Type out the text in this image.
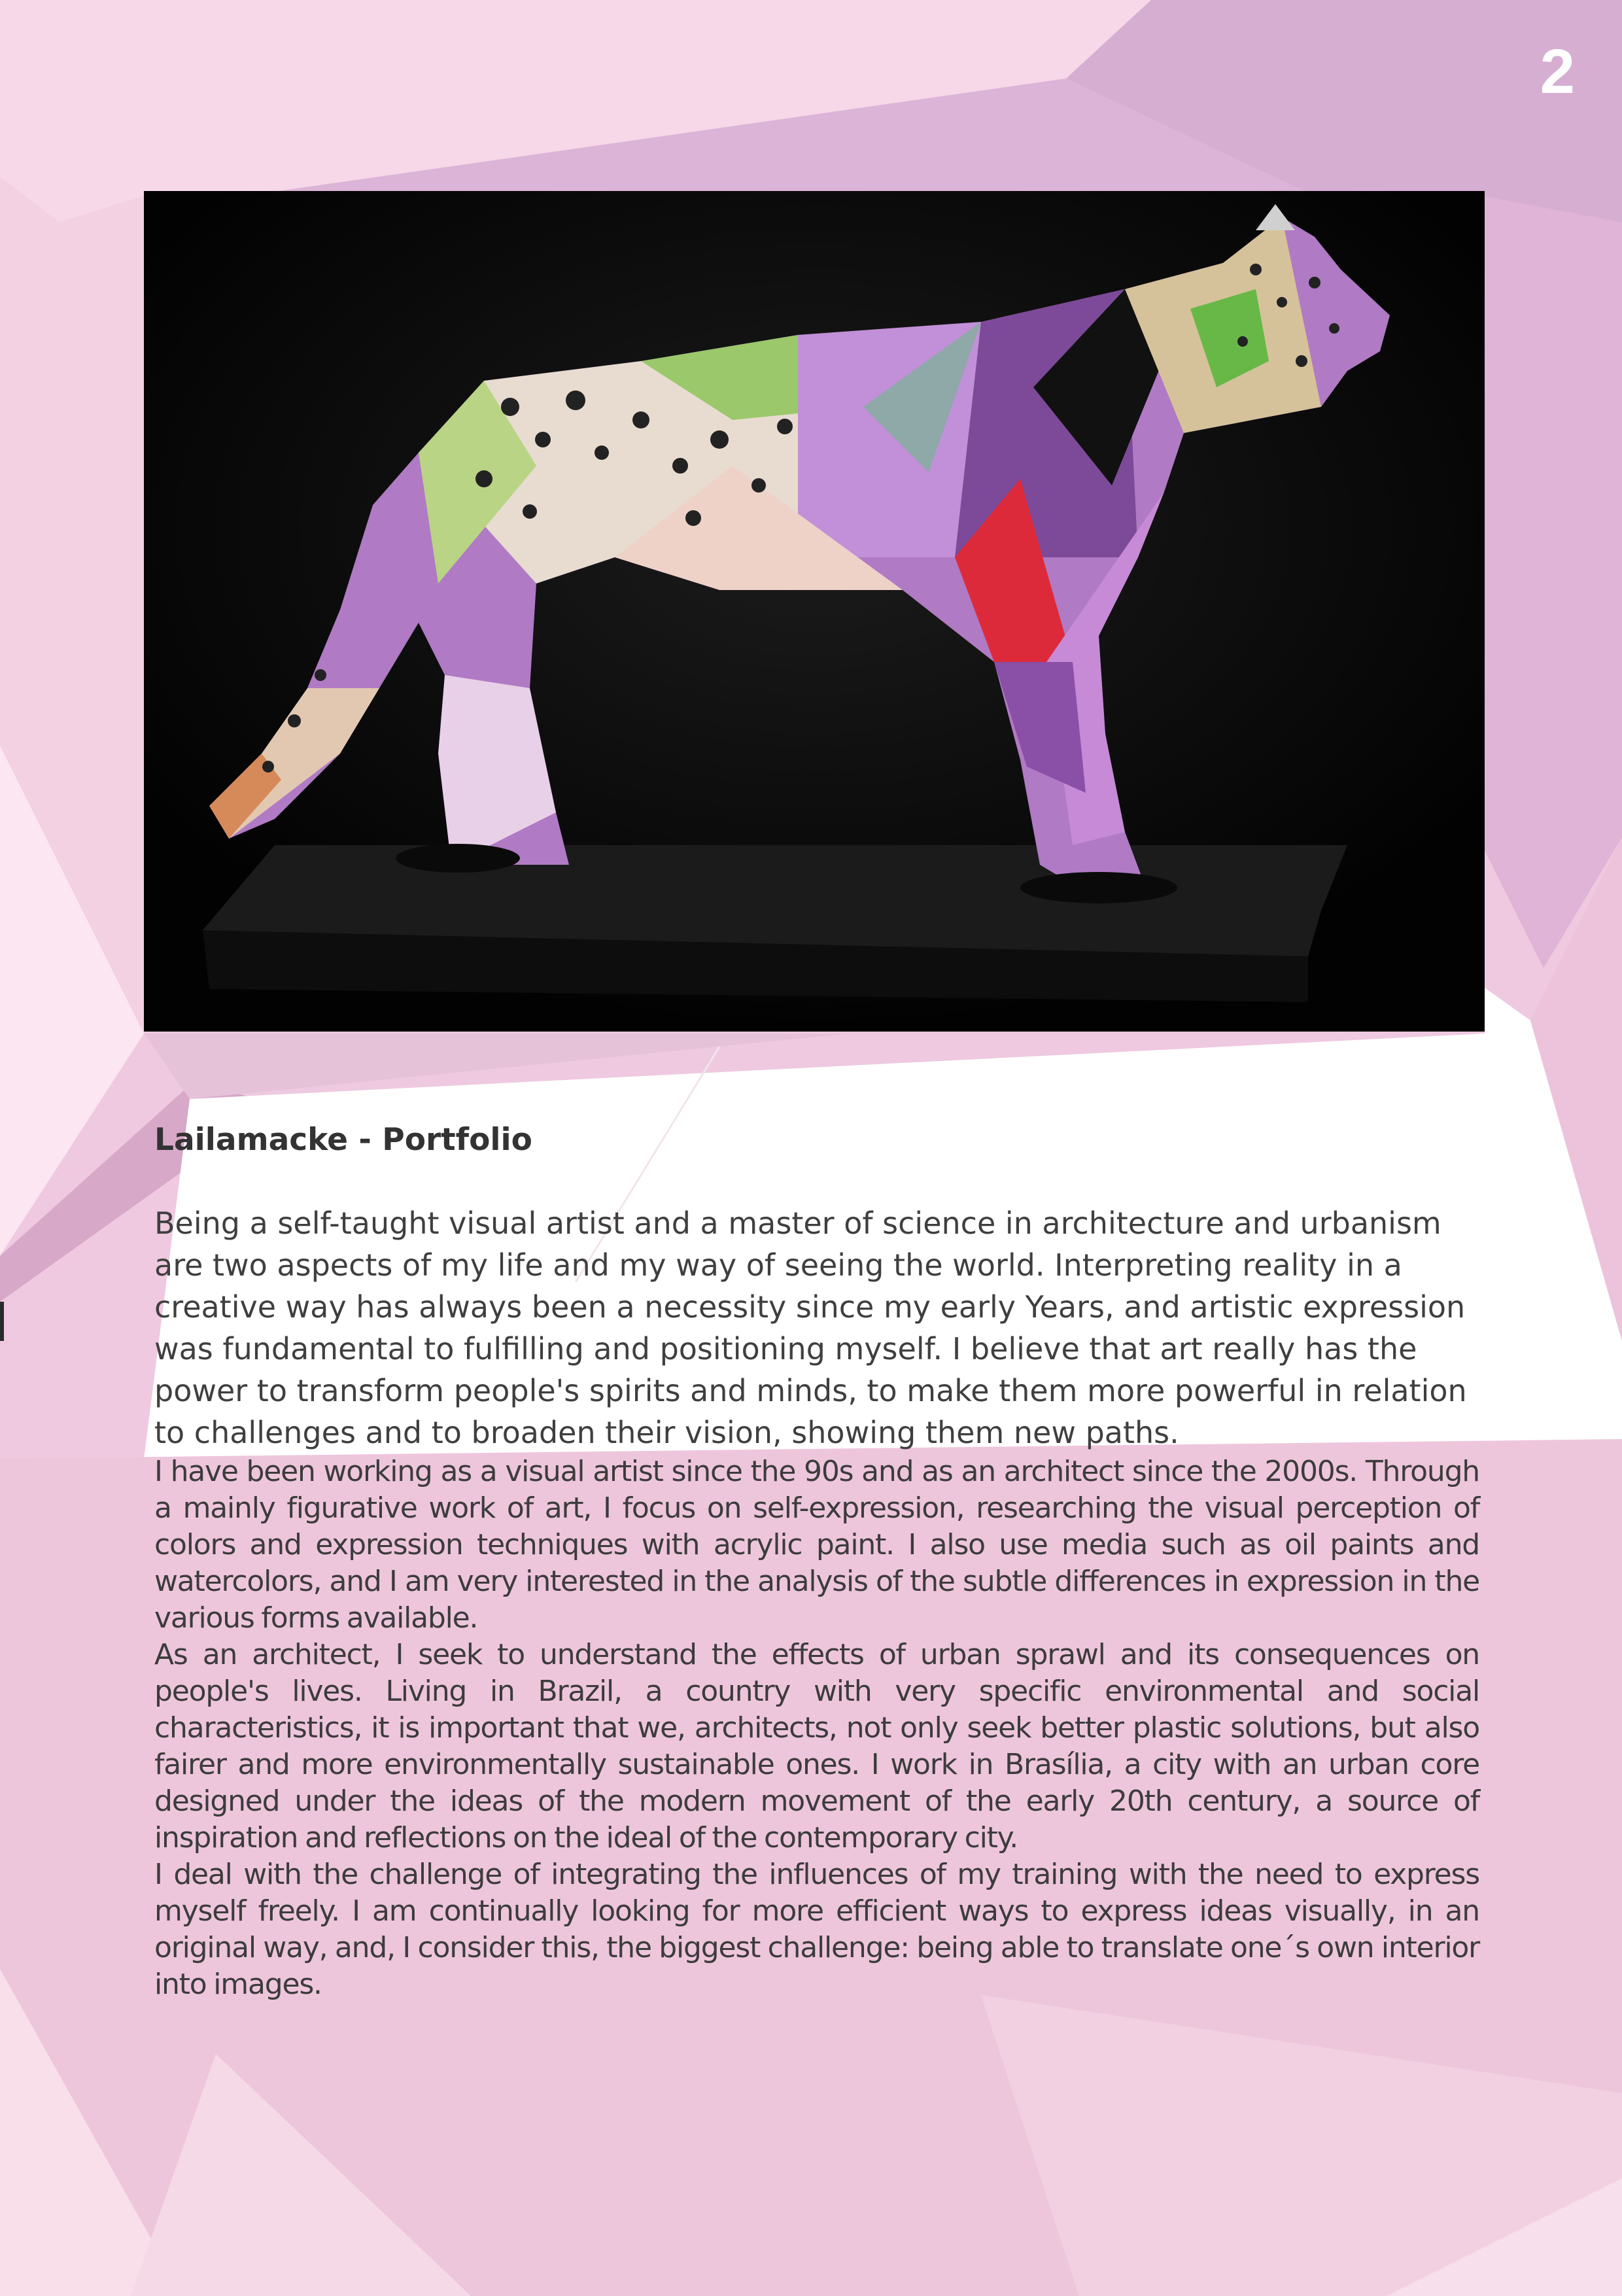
2
Lailamacke - Portfolio

Being a self-taught visual artist and a master of science in architecture and urbanism are two aspects of my life and my way of seeing the world. Interpreting reality in a creative way has always been a necessity since my early Years, and artistic expression was fundamental to fulfilling and positioning myself. I believe that art really has the power to transform people's spirits and minds, to make them more powerful in relation to challenges and to broaden their vision, showing them new paths.

I have been working as a visual artist since the 90s and as an architect since the 2000s. Through a mainly figurative work of art, I focus on self-expression, researching the visual perception of colors and expression techniques with acrylic paint. I also use media such as oil paints and watercolors, and I am very interested in the analysis of the subtle differences in expression in the various forms available.

As an architect, I seek to understand the effects of urban sprawl and its consequences on people's lives. Living in Brazil, a country with very specific environmental and social characteristics, it is important that we, architects, not only seek better plastic solutions, but also fairer and more environmentally sustainable ones. I work in Brasília, a city with an urban core designed under the ideas of the modern movement of the early 20th century, a source of inspiration and reflections on the ideal of the contemporary city.

I deal with the challenge of integrating the influences of my training with the need to express myself freely. I am continually looking for more efficient ways to express ideas visually, in an original way, and, I consider this, the biggest challenge: being able to translate one´s own interior into images.
